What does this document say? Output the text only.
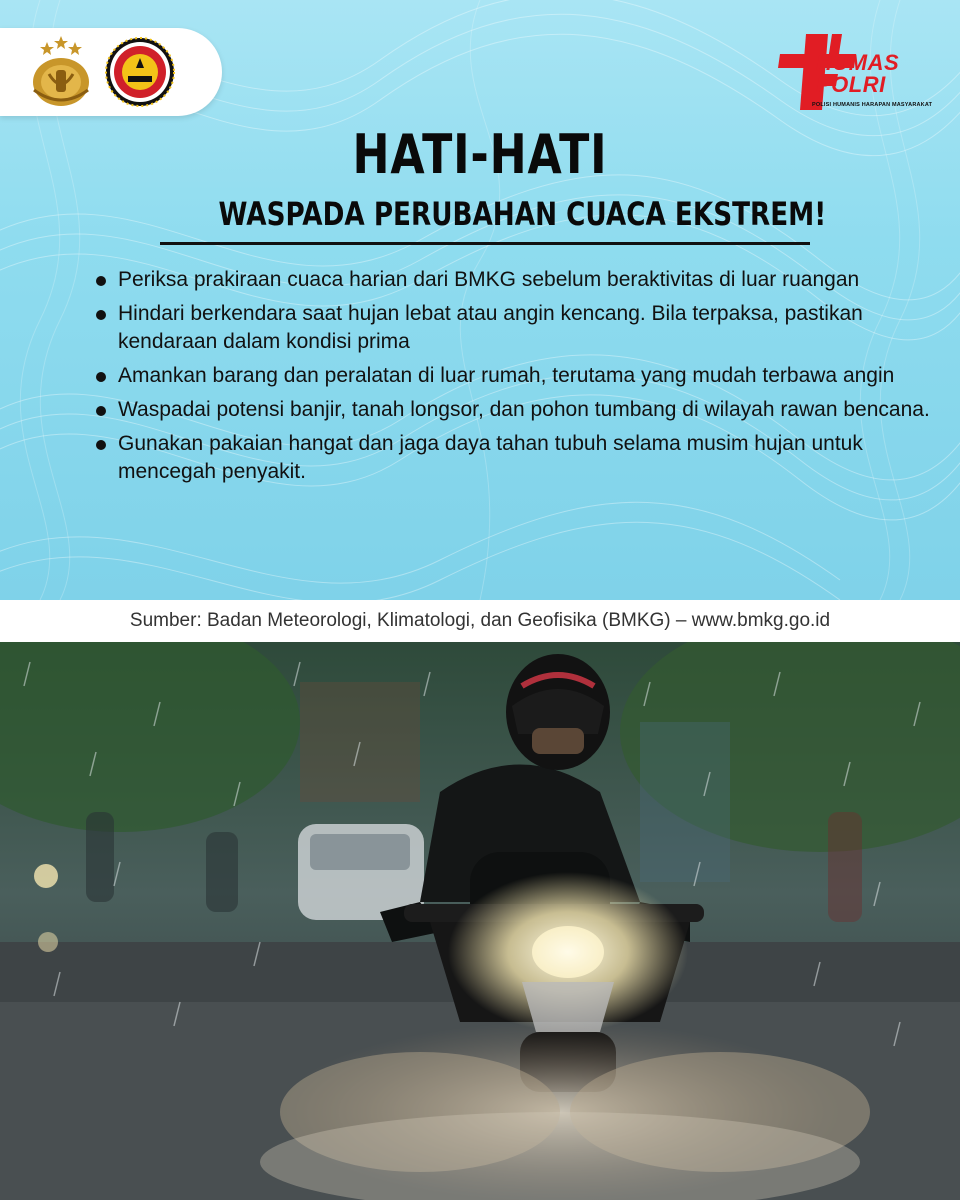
HUMAS
POLRI
POLISI HUMANIS HARAPAN MASYARAKAT
HATI-HATI
WASPADA PERUBAHAN CUACA EKSTREM!
Periksa prakiraan cuaca harian dari BMKG sebelum beraktivitas di luar ruangan
Hindari berkendara saat hujan lebat atau angin kencang. Bila terpaksa, pastikan kendaraan dalam kondisi prima
Amankan barang dan peralatan di luar rumah, terutama yang mudah terbawa angin
Waspadai potensi banjir, tanah longsor, dan pohon tumbang di wilayah rawan bencana.
Gunakan pakaian hangat dan jaga daya tahan tubuh selama musim hujan untuk mencegah penyakit.
Sumber: Badan Meteorologi, Klimatologi, dan Geofisika (BMKG) – www.bmkg.go.id
